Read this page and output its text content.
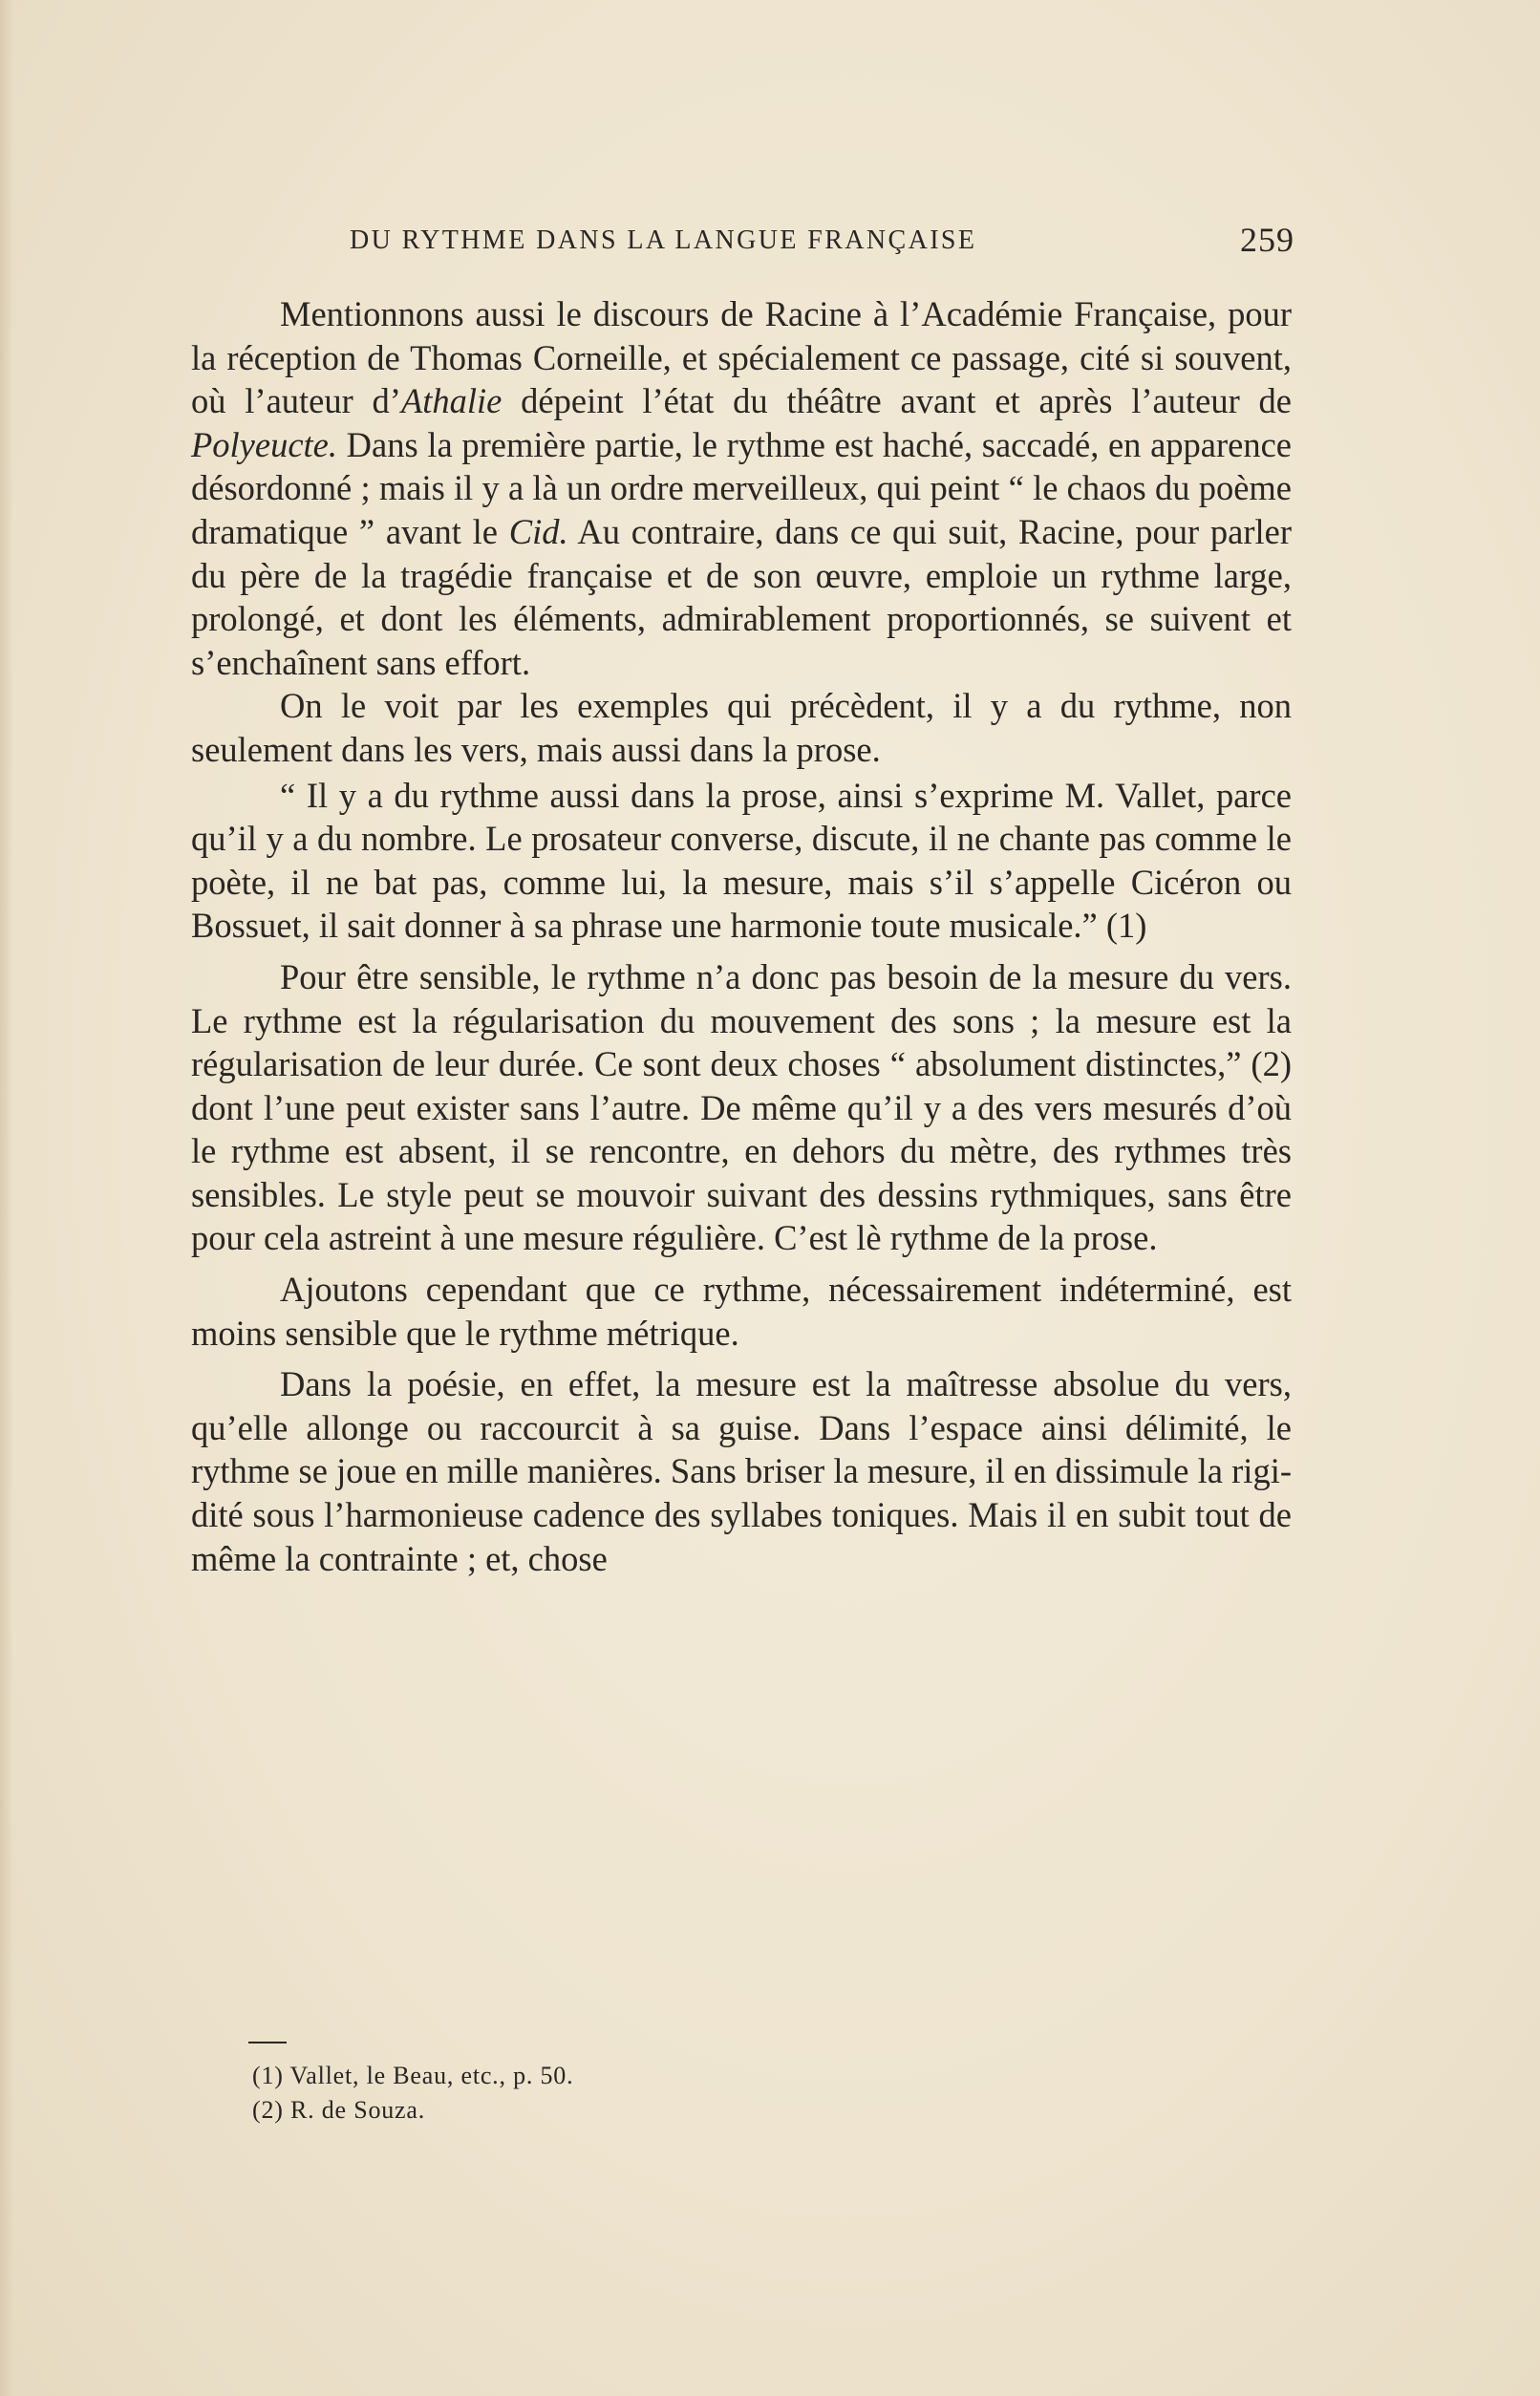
DU RYTHME DANS LA LANGUE FRANÇAISE	259

Mentionnons aussi le discours de Racine à l’Académie Française, pour la réception de Thomas Corneille, et spécialement ce passage, cité si souvent, où l’auteur d’Athalie dépeint l’état du théâtre avant et après l’auteur de Polyeucte. Dans la première partie, le rythme est haché, saccadé, en apparence désordonné ; mais il y a là un ordre merveilleux, qui peint “ le chaos du poème dramatique ” avant le Cid. Au contraire, dans ce qui suit, Racine, pour parler du père de la tragédie française et de son œuvre, emploie un rythme large, prolongé, et dont les éléments, admirablement proportionnés, se suivent et s’enchaînent sans effort.

On le voit par les exemples qui précèdent, il y a du rythme, non seulement dans les vers, mais aussi dans la prose.

“ Il y a du rythme aussi dans la prose, ainsi s’exprime M. Vallet, parce qu’il y a du nombre. Le prosateur converse, discute, il ne chante pas comme le poète, il ne bat pas, comme lui, la mesure, mais s’il s’appelle Cicéron ou Bossuet, il sait donner à sa phrase une harmonie toute musicale.” (1)

Pour être sensible, le rythme n’a donc pas besoin de la mesure du vers. Le rythme est la régularisation du mouvement des sons ; la mesure est la régularisation de leur durée. Ce sont deux choses “ absolument distinctes,” (2) dont l’une peut exister sans l’autre. De même qu’il y a des vers mesurés d’où le rythme est absent, il se rencontre, en dehors du mètre, des rythmes très sensibles. Le style peut se mouvoir suivant des dessins rythmiques, sans être pour cela astreint à une mesure régulière. C’est lè rythme de la prose.

Ajoutons cependant que ce rythme, nécessairement indéterminé, est moins sensible que le rythme métrique.

Dans la poésie, en effet, la mesure est la maîtresse absolue du vers, qu’elle allonge ou raccourcit à sa guise. Dans l’espace ainsi délimité, le rythme se joue en mille manières. Sans briser la mesure, il en dissimule la rigidité sous l’harmonieuse cadence des syllabes toniques. Mais il en subit tout de même la contrainte ; et, chose

(1) Vallet, le Beau, etc., p. 50.
(2) R. de Souza.
